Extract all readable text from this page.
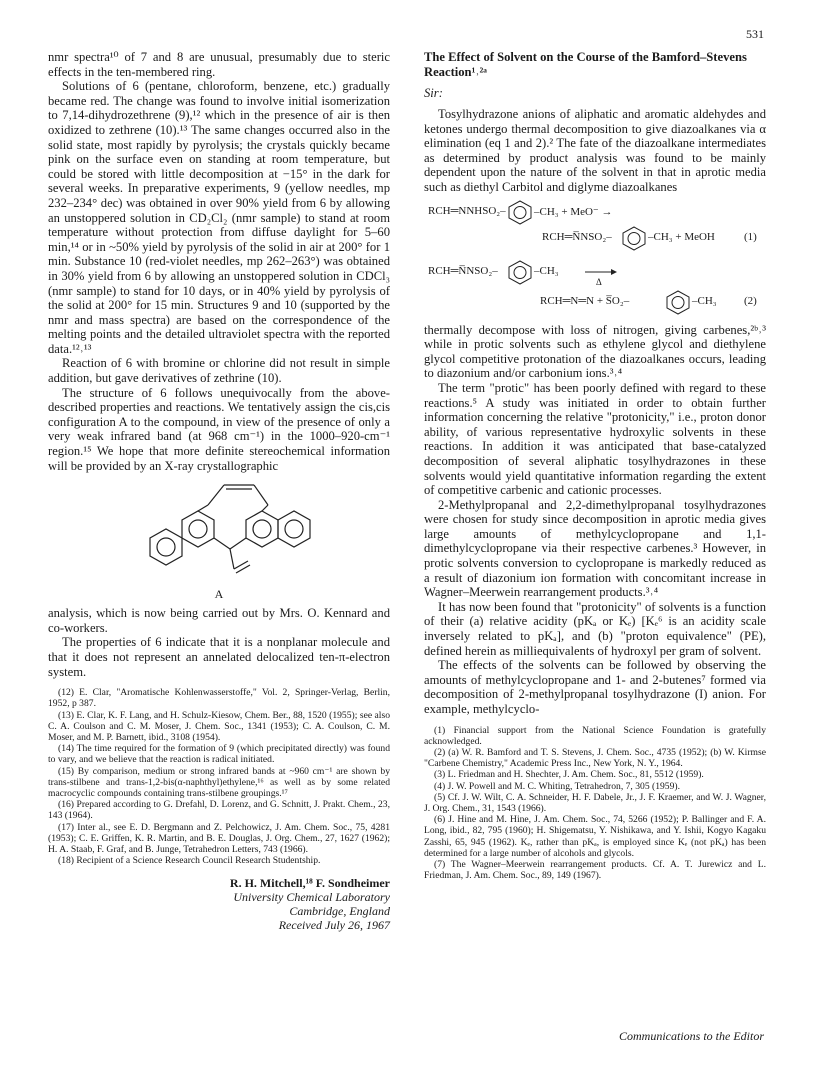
531

nmr spectra¹⁰ of 7 and 8 are unusual, presumably due to steric effects in the ten-membered ring.

Solutions of 6 (pentane, chloroform, benzene, etc.) gradually became red. The change was found to involve initial isomerization to 7,14-dihydrozethrene (9),¹² which in the presence of air is then oxidized to zethrene (10).¹³ The same changes occurred also in the solid state, most rapidly by pyrolysis; the crystals quickly became pink on the surface even on standing at room temperature, but could be stored with little decomposition at −15° in the dark for several weeks. In preparative experiments, 9 (yellow needles, mp 232–234° dec) was obtained in over 90% yield from 6 by allowing an unstoppered solution in CD₂Cl₂ (nmr sample) to stand at room temperature without protection from diffuse daylight for 5–60 min,¹⁴ or in ~50% yield by pyrolysis of the solid in air at 200° for 1 min. Substance 10 (red-violet needles, mp 262–263°) was obtained in 30% yield from 6 by allowing an unstoppered solution in CDCl₃ (nmr sample) to stand for 10 days, or in 40% yield by pyrolysis of the solid at 200° for 15 min. Structures 9 and 10 (supported by the nmr and mass spectra) are based on the correspondence of the melting points and the detailed ultraviolet spectra with the reported data.¹²˒¹³

Reaction of 6 with bromine or chlorine did not result in simple addition, but gave derivatives of zethrine (10).

The structure of 6 follows unequivocally from the above-described properties and reactions. We tentatively assign the cis,cis configuration A to the compound, in view of the presence of only a very weak infrared band (at 968 cm⁻¹) in the 1000–920-cm⁻¹ region.¹⁵ We hope that more definite stereochemical information will be provided by an X-ray crystallographic

A

analysis, which is now being carried out by Mrs. O. Kennard and co-workers.

The properties of 6 indicate that it is a nonplanar molecule and that it does not represent an annelated delocalized ten-π-electron system.

(12) E. Clar, "Aromatische Kohlenwasserstoffe," Vol. 2, Springer-Verlag, Berlin, 1952, p 387.

(13) E. Clar, K. F. Lang, and H. Schulz-Kiesow, Chem. Ber., 88, 1520 (1955); see also C. A. Coulson and C. M. Moser, J. Chem. Soc., 1341 (1953); C. A. Coulson, C. M. Moser, and M. P. Barnett, ibid., 3108 (1954).

(14) The time required for the formation of 9 (which precipitated directly) was found to vary, and we believe that the reaction is radical initiated.

(15) By comparison, medium or strong infrared bands at ~960 cm⁻¹ are shown by trans-stilbene and trans-1,2-bis(α-naphthyl)ethylene,¹⁶ as well as by some related macrocyclic compounds containing trans-stilbene groupings.¹⁷

(16) Prepared according to G. Drefahl, D. Lorenz, and G. Schnitt, J. Prakt. Chem., 23, 143 (1964).

(17) Inter al., see E. D. Bergmann and Z. Pelchowicz, J. Am. Chem. Soc., 75, 4281 (1953); C. E. Griffen, K. R. Martin, and B. E. Douglas, J. Org. Chem., 27, 1627 (1962); H. A. Staab, F. Graf, and B. Junge, Tetrahedron Letters, 743 (1966).

(18) Recipient of a Science Research Council Research Studentship.

R. H. Mitchell,¹⁸ F. Sondheimer
University Chemical Laboratory
Cambridge, England
Received July 26, 1967

The Effect of Solvent on the Course of the Bamford–Stevens Reaction¹˒²ᵃ

Sir:

Tosylhydrazone anions of aliphatic and aromatic aldehydes and ketones undergo thermal decomposition to give diazoalkanes via α elimination (eq 1 and 2).² The fate of the diazoalkane intermediates as determined by product analysis was found to be mainly dependent upon the nature of the solvent in that in aprotic media such as diethyl Carbitol and diglyme diazoalkanes

RCH═NNHSO₂–	–CH₃ + MeO⁻ →
RCH═N̅NSO₂–	–CH₃ + MeOH	(1)
RCH═N̅NSO₂–	–CH₃
Δ
RCH═N═N + S̅O₂–	–CH₃ (2)

thermally decompose with loss of nitrogen, giving carbenes,²ᵇ˒³ while in protic solvents such as ethylene glycol and diethylene glycol competitive protonation of the diazoalkanes occurs, leading to diazonium and/or carbonium ions.³˒⁴

The term "protic" has been poorly defined with regard to these reactions.⁵ A study was initiated in order to obtain further information concerning the relative "protonicity," i.e., proton donor ability, of various representative hydroxylic solvents in these reactions. In addition it was anticipated that base-catalyzed decomposition of several aliphatic tosylhydrazones in these solvents would yield quantitative information regarding the extent of competitive carbenic and cationic processes.

2-Methylpropanal and 2,2-dimethylpropanal tosylhydrazones were chosen for study since decomposition in aprotic media gives large amounts of methylcyclopropane and 1,1-dimethylcyclopropane via their respective carbenes.³ However, in protic solvents conversion to cyclopropane is markedly reduced as a result of diazonium ion formation with concomitant increase in Wagner–Meerwein rearrangement products.³˒⁴

It has now been found that "protonicity" of solvents is a function of their (a) relative acidity (pKₐ or Kₑ) [Kₑ⁶ is an acidity scale inversely related to pKₐ], and (b) "proton equivalence" (PE), defined herein as milliequivalents of hydroxyl per gram of solvent.

The effects of the solvents can be followed by observing the amounts of methylcyclopropane and 1- and 2-butenes⁷ formed via decomposition of 2-methylpropanal tosylhydrazone (I) anion. For example, methylcyclo-

(1) Financial support from the National Science Foundation is gratefully acknowledged.

(2) (a) W. R. Bamford and T. S. Stevens, J. Chem. Soc., 4735 (1952); (b) W. Kirmse "Carbene Chemistry," Academic Press Inc., New York, N. Y., 1964.

(3) L. Friedman and H. Shechter, J. Am. Chem. Soc., 81, 5512 (1959).

(4) J. W. Powell and M. C. Whiting, Tetrahedron, 7, 305 (1959).

(5) Cf. J. W. Wilt, C. A. Schneider, H. F. Dabele, Jr., J. F. Kraemer, and W. J. Wagner, J. Org. Chem., 31, 1543 (1966).

(6) J. Hine and M. Hine, J. Am. Chem. Soc., 74, 5266 (1952); P. Ballinger and F. A. Long, ibid., 82, 795 (1960); H. Shigematsu, Y. Nishikawa, and Y. Ishii, Kogyo Kagaku Zasshi, 65, 945 (1962). Kₑ, rather than pKₐ, is employed since Kₑ (not pKₐ) has been determined for a large number of alcohols and glycols.

(7) The Wagner–Meerwein rearrangement products. Cf. A. T. Jurewicz and L. Friedman, J. Am. Chem. Soc., 89, 149 (1967).

Communications to the Editor
